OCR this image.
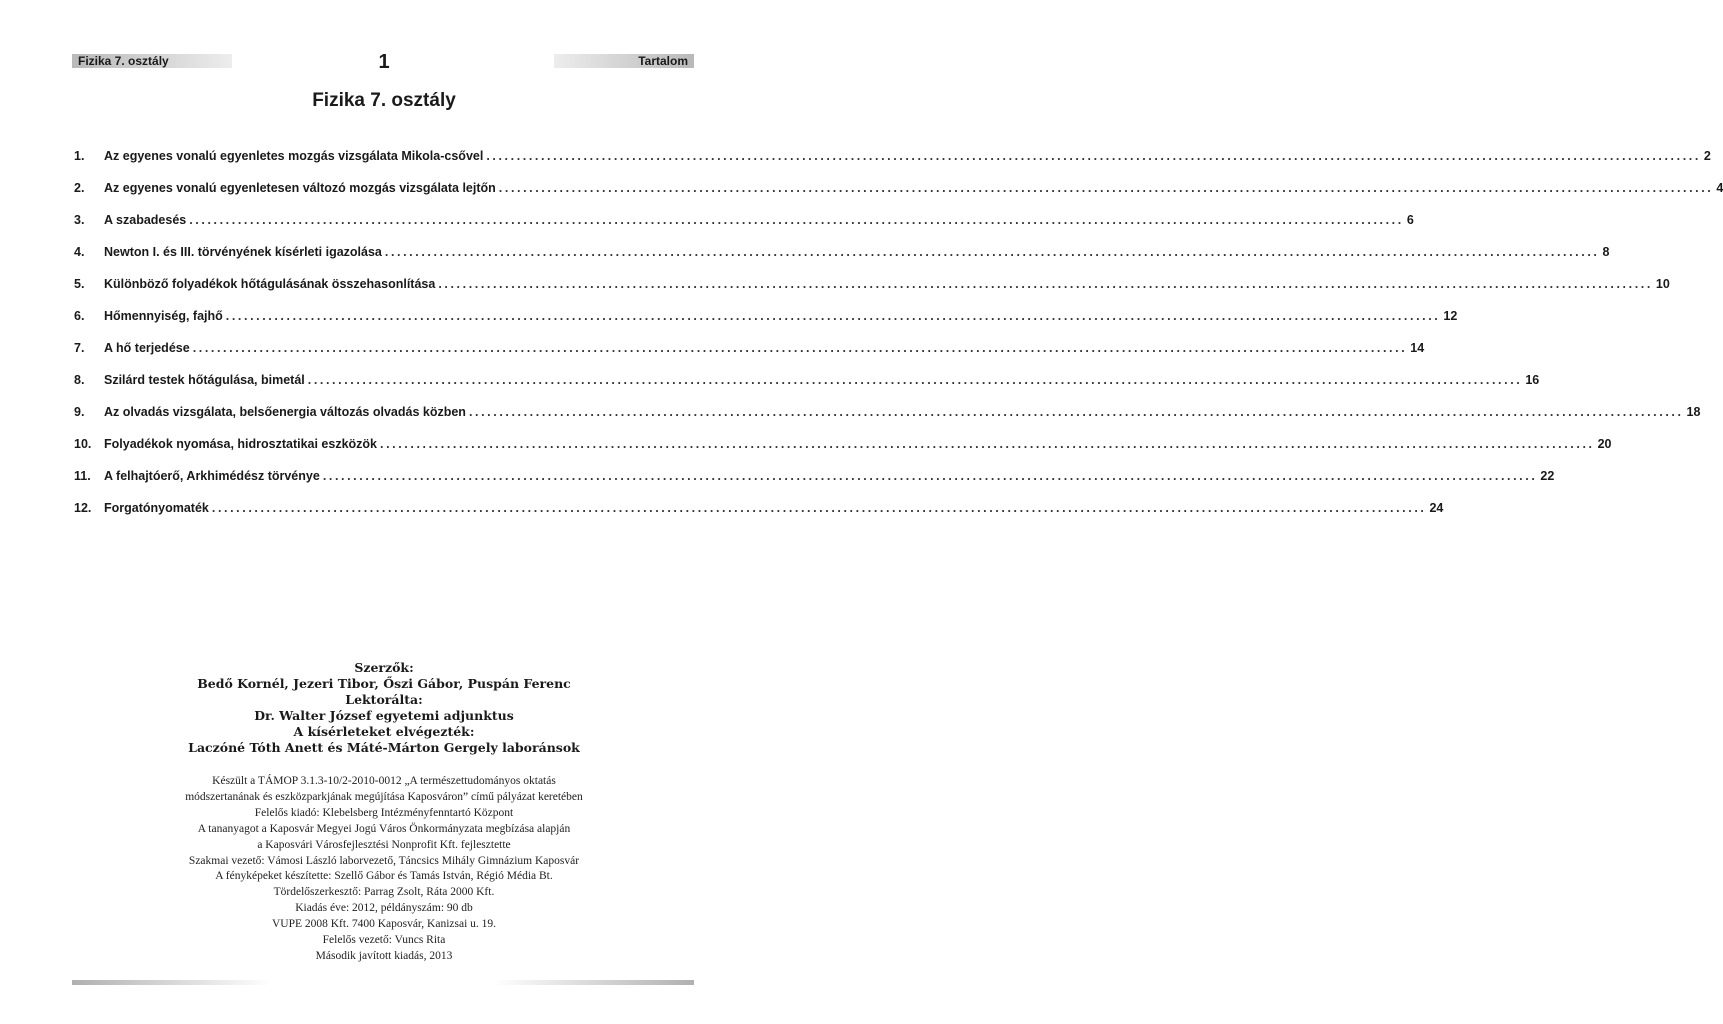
Fizika 7. osztály	Tartalom
1
Fizika 7. osztály
1.	Az egyenes vonalú egyenletes mozgás vizsgálata Mikola-csővel ........................................................................................................................................................................................................ 2
2.	Az egyenes vonalú egyenletesen változó mozgás vizsgálata lejtőn ........................................................................................................................................................................................................ 4
3.	A szabadesés ........................................................................................................................................................................................................ 6
4.	Newton I. és III. törvényének kísérleti igazolása ........................................................................................................................................................................................................ 8
5.	Különböző folyadékok hőtágulásának összehasonlítása ........................................................................................................................................................................................................ 10
6.	Hőmennyiség, fajhő ........................................................................................................................................................................................................ 12
7.	A hő terjedése ........................................................................................................................................................................................................ 14
8.	Szilárd testek hőtágulása, bimetál ........................................................................................................................................................................................................ 16
9.	Az olvadás vizsgálata, belsőenergia változás olvadás közben ........................................................................................................................................................................................................ 18
10.	Folyadékok nyomása, hidrosztatikai eszközök ........................................................................................................................................................................................................ 20
11.	A felhajtóerő, Arkhimédész törvénye ........................................................................................................................................................................................................ 22
12.	Forgatónyomaték ........................................................................................................................................................................................................ 24
Szerzők:
Bedő Kornél, Jezeri Tibor, Őszi Gábor, Puspán Ferenc
Lektorálta:
Dr. Walter József egyetemi adjunktus
A kísérleteket elvégezték:
Laczóné Tóth Anett és Máté-Márton Gergely laboránsok
Készült a TÁMOP 3.1.3-10/2-2010-0012 „A természettudományos oktatás
módszertanának és eszközparkjának megújítása Kaposváron” című pályázat keretében
Felelős kiadó: Klebelsberg Intézményfenntartó Központ
A tananyagot a Kaposvár Megyei Jogú Város Önkormányzata megbízása alapján
a Kaposvári Városfejlesztési Nonprofit Kft. fejlesztette
Szakmai vezető: Vámosi László laborvezető, Táncsics Mihály Gimnázium Kaposvár
A fényképeket készítette: Szellő Gábor és Tamás István, Régió Média Bt.
Tördelőszerkesztő: Parrag Zsolt, Ráta 2000 Kft.
Kiadás éve: 2012, példányszám: 90 db
VUPE 2008 Kft. 7400 Kaposvár, Kanizsai u. 19.
Felelős vezető: Vuncs Rita
Második javított kiadás, 2013
